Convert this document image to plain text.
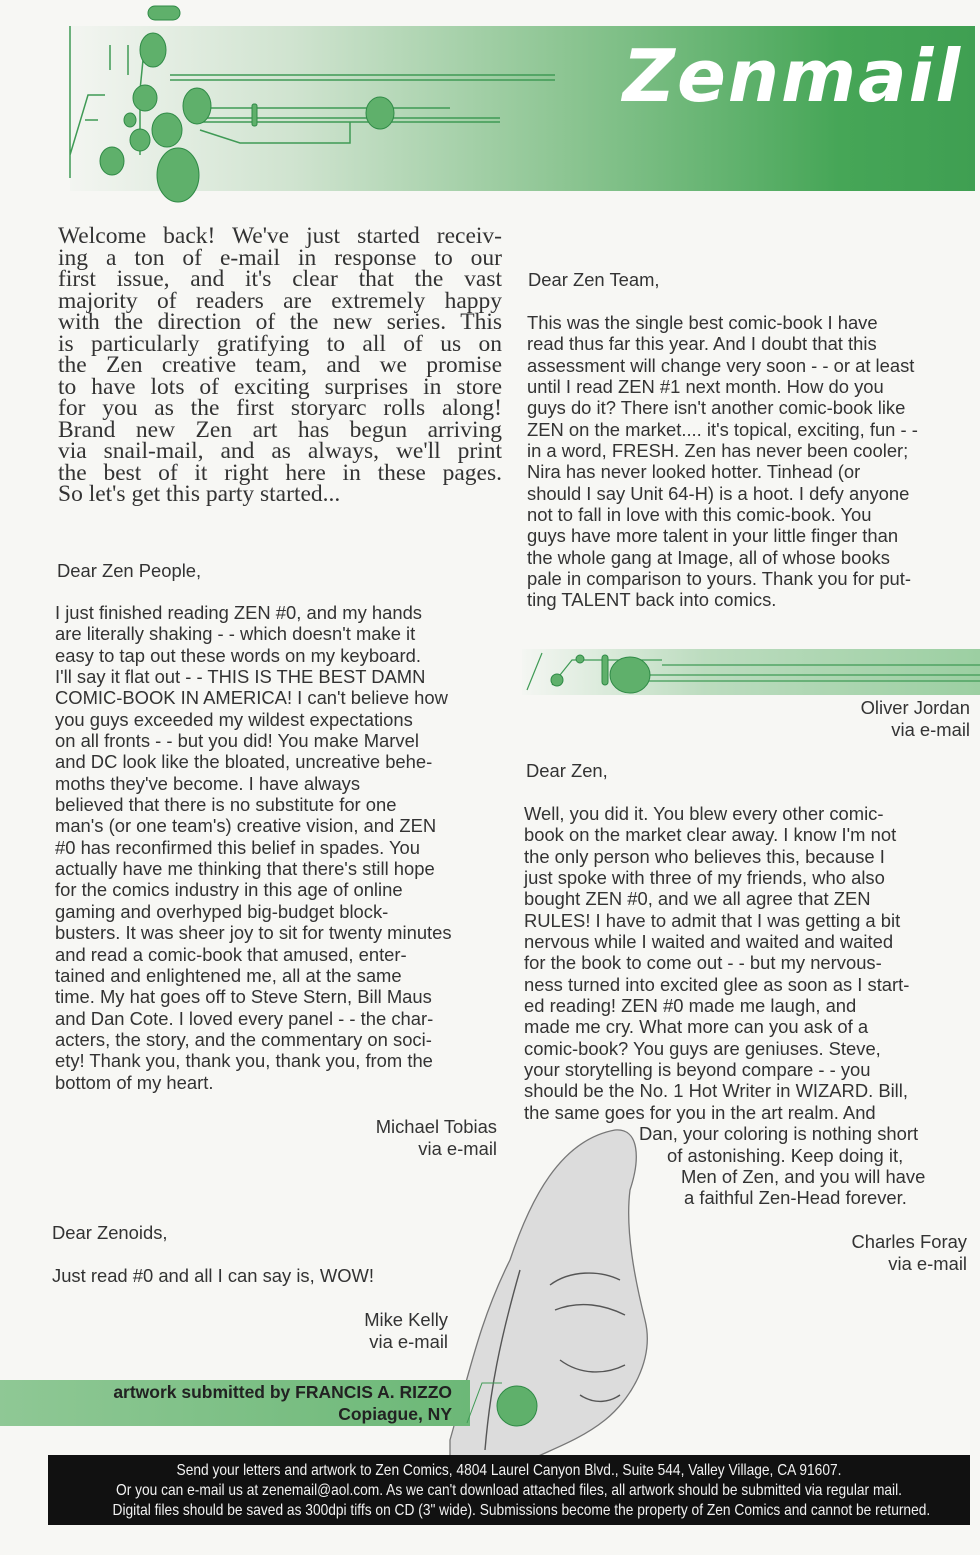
Zenmail
Welcome back! We've just started receiv-
ing a ton of e-mail in response to our
first issue, and it's clear that the vast
majority of readers are extremely happy
with the direction of the new series. This
is particularly gratifying to all of us on
the Zen creative team, and we promise
to have lots of exciting surprises in store
for you as the first storyarc rolls along!
Brand new Zen art has begun arriving
via snail-mail, and as always, we'll print
the best of it right here in these pages.
So let's get this party started...
Dear Zen People,
I just finished reading ZEN #0, and my hands
are literally shaking - - which doesn't make it
easy to tap out these words on my keyboard.
I'll say it flat out - - THIS IS THE BEST DAMN
COMIC-BOOK IN AMERICA! I can't believe how
you guys exceeded my wildest expectations
on all fronts - - but you did! You make Marvel
and DC look like the bloated, uncreative behe-
moths they've become. I have always
believed that there is no substitute for one
man's (or one team's) creative vision, and ZEN
#0 has reconfirmed this belief in spades. You
actually have me thinking that there's still hope
for the comics industry in this age of online
gaming and overhyped big-budget block-
busters. It was sheer joy to sit for twenty minutes
and read a comic-book that amused, enter-
tained and enlightened me, all at the same
time. My hat goes off to Steve Stern, Bill Maus
and Dan Cote. I loved every panel - - the char-
acters, the story, and the commentary on soci-
ety! Thank you, thank you, thank you, from the
bottom of my heart.
Michael Tobias
via e-mail
Dear Zenoids,
Just read #0 and all I can say is, WOW!
Mike Kelly
via e-mail
Dear Zen Team,
This was the single best comic-book I have
read thus far this year. And I doubt that this
assessment will change very soon - - or at least
until I read ZEN #1 next month. How do you
guys do it? There isn't another comic-book like
ZEN on the market.... it's topical, exciting, fun - -
in a word, FRESH. Zen has never been cooler;
Nira has never looked hotter. Tinhead (or
should I say Unit 64-H) is a hoot. I defy anyone
not to fall in love with this comic-book. You
guys have more talent in your little finger than
the whole gang at Image, all of whose books
pale in comparison to yours. Thank you for put-
ting TALENT back into comics.
Oliver Jordan
via e-mail
Dear Zen,
Well, you did it. You blew every other comic-
book on the market clear away. I know I'm not
the only person who believes this, because I
just spoke with three of my friends, who also
bought ZEN #0, and we all agree that ZEN
RULES! I have to admit that I was getting a bit
nervous while I waited and waited and waited
for the book to come out - - but my nervous-
ness turned into excited glee as soon as I start-
ed reading! ZEN #0 made me laugh, and
made me cry. What more can you ask of a
comic-book? You guys are geniuses. Steve,
your storytelling is beyond compare - - you
should be the No. 1 Hot Writer in WIZARD. Bill,
the same goes for you in the art realm. And
Dan, your coloring is nothing short
of astonishing. Keep doing it,
Men of Zen, and you will have
a faithful Zen-Head forever.
Charles Foray
via e-mail
artwork submitted by FRANCIS A. RIZZO
Copiague, NY
Send your letters and artwork to Zen Comics, 4804 Laurel Canyon Blvd., Suite 544, Valley Village, CA 91607.
Or you can e-mail us at zenemail@aol.com. As we can't download attached files, all artwork should be submitted via regular mail.
Digital files should be saved as 300dpi tiffs on CD (3" wide). Submissions become the property of Zen Comics and cannot be returned.
